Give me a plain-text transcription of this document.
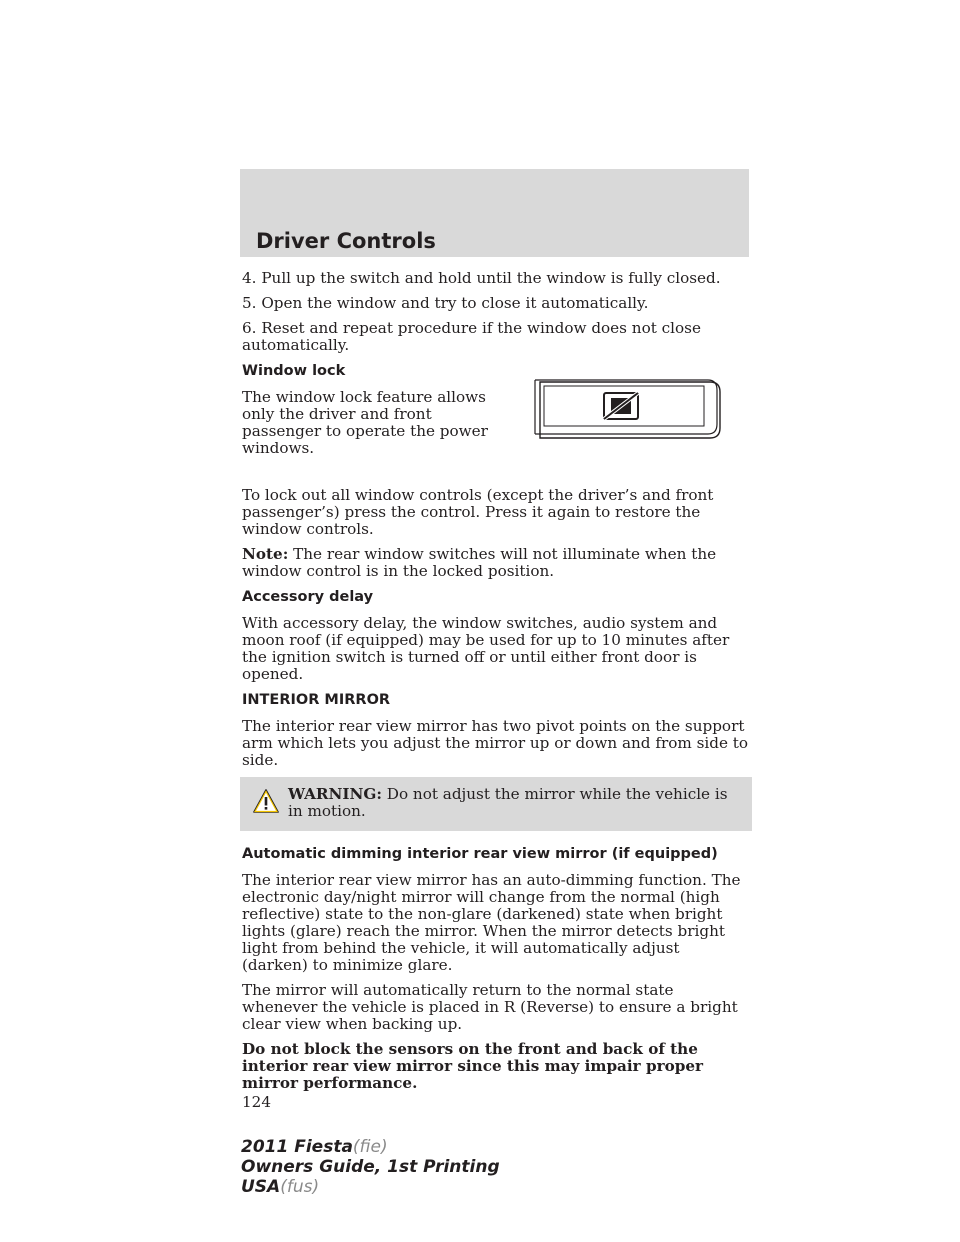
Driver Controls

4. Pull up the switch and hold until the window is fully closed.

5. Open the window and try to close it automatically.

6. Reset and repeat procedure if the window does not close automatically.

Window lock

The window lock feature allows only the driver and front passenger to operate the power windows.

To lock out all window controls (except the driver’s and front passenger’s) press the control. Press it again to restore the window controls.

Note: The rear window switches will not illuminate when the window control is in the locked position.

Accessory delay

With accessory delay, the window switches, audio system and moon roof (if equipped) may be used for up to 10 minutes after the ignition switch is turned off or until either front door is opened.

INTERIOR MIRROR

The interior rear view mirror has two pivot points on the support arm which lets you adjust the mirror up or down and from side to side.

WARNING: Do not adjust the mirror while the vehicle is in motion.
Automatic dimming interior rear view mirror (if equipped)

The interior rear view mirror has an auto-dimming function. The electronic day/night mirror will change from the normal (high reflective) state to the non-glare (darkened) state when bright lights (glare) reach the mirror. When the mirror detects bright light from behind the vehicle, it will automatically adjust (darken) to minimize glare.

The mirror will automatically return to the normal state whenever the vehicle is placed in R (Reverse) to ensure a bright clear view when backing up.

Do not block the sensors on the front and back of the interior rear view mirror since this may impair proper mirror performance.

124

2011 Fiesta(fie)
Owners Guide, 1st Printing
USA(fus)
